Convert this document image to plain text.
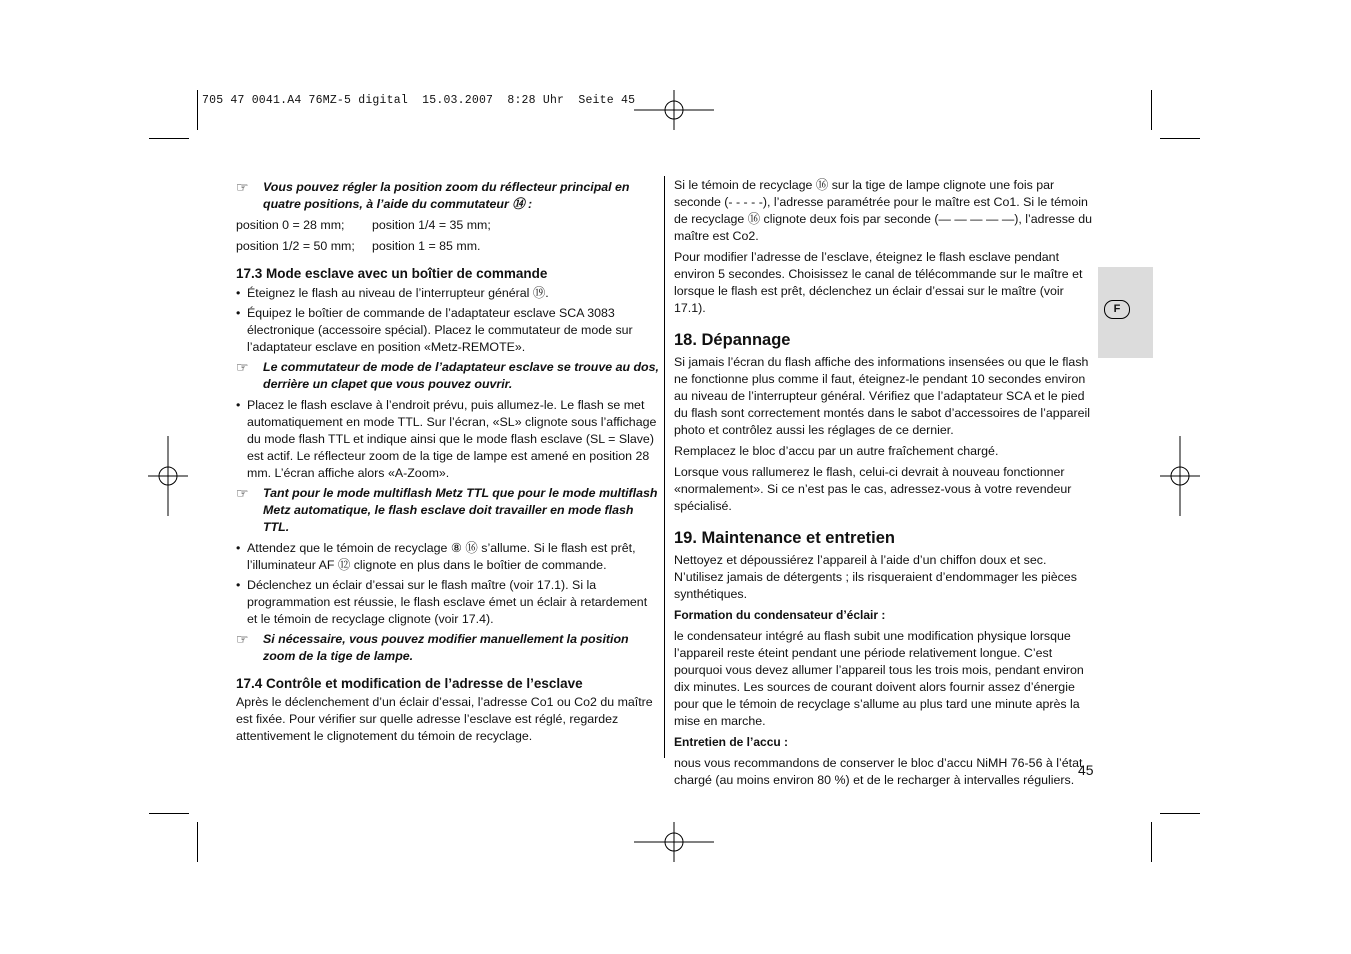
705 47 0041.A4 76MZ-5 digital  15.03.2007  8:28 Uhr  Seite 45
F
☞	Vous pouvez régler la position zoom du réflecteur principal en quatre positions, à l’aide du commutateur ⑭ :
position 0 = 28 mm;	position 1/4 = 35 mm;
position 1/2 = 50 mm;	position 1 = 85 mm.

17.3 Mode esclave avec un boîtier de commande

• Éteignez le flash au niveau de l’interrupteur général ⑲.
• Équipez le boîtier de commande de l’adaptateur esclave SCA 3083 électronique (accessoire spécial). Placez le commutateur de mode sur l’adaptateur esclave en position «Metz-REMOTE».
☞	Le commutateur de mode de l’adaptateur esclave se trouve au dos, derrière un clapet que vous pouvez ouvrir.
• Placez le flash esclave à l’endroit prévu, puis allumez-le. Le flash se met automatiquement en mode TTL. Sur l’écran, «SL» clignote sous l’affichage du mode flash TTL et indique ainsi que le mode flash esclave (SL = Slave) est actif. Le réflecteur zoom de la tige de lampe est amené en position 28 mm. L’écran affiche alors «A-Zoom».
☞	Tant pour le mode multiflash Metz TTL que pour le mode multiflash Metz automatique, le flash esclave doit travailler en mode flash TTL.
• Attendez que le témoin de recyclage ⑧ ⑯ s’allume. Si le flash est prêt, l’illuminateur AF ⑫ clignote en plus dans le boîtier de commande.
• Déclenchez un éclair d’essai sur le flash maître (voir 17.1). Si la programmation est réussie, le flash esclave émet un éclair à retardement et le témoin de recyclage clignote (voir 17.4).
☞	Si nécessaire, vous pouvez modifier manuellement la position zoom de la tige de lampe.

17.4 Contrôle et modification de l’adresse de l’esclave

Après le déclenchement d’un éclair d’essai, l’adresse Co1 ou Co2 du maître est fixée. Pour vérifier sur quelle adresse l’esclave est réglé, regardez attentivement le clignotement du témoin de recyclage.

Si le témoin de recyclage ⑯ sur la tige de lampe clignote une fois par seconde (- - - - -), l’adresse paramétrée pour le maître est Co1. Si le témoin de recyclage ⑯ clignote deux fois par seconde (— — — — —), l’adresse du maître est Co2.

Pour modifier l’adresse de l’esclave, éteignez le flash esclave pendant environ 5 secondes. Choisissez le canal de télécommande sur le maître et lorsque le flash est prêt, déclenchez un éclair d’essai sur le maître (voir 17.1).

18. Dépannage

Si jamais l’écran du flash affiche des informations insensées ou que le flash ne fonctionne plus comme il faut, éteignez-le pendant 10 secondes environ au niveau de l’interrupteur général. Vérifiez que l’adaptateur SCA et le pied du flash sont correctement montés dans le sabot d’accessoires de l’appareil photo et contrôlez aussi les réglages de ce dernier.

Remplacez le bloc d’accu par un autre fraîchement chargé.

Lorsque vous rallumerez le flash, celui-ci devrait à nouveau fonctionner «normalement». Si ce n’est pas le cas, adressez-vous à votre revendeur spécialisé.

19. Maintenance et entretien

Nettoyez et dépoussiérez l’appareil à l’aide d’un chiffon doux et sec. N’utilisez jamais de détergents ; ils risqueraient d’endommager les pièces synthétiques.

Formation du condensateur d’éclair :

le condensateur intégré au flash subit une modification physique lorsque l’appareil reste éteint pendant une période relativement longue. C’est pourquoi vous devez allumer l’appareil tous les trois mois, pendant environ dix minutes. Les sources de courant doivent alors fournir assez d’énergie pour que le témoin de recyclage s’allume au plus tard une minute après la mise en marche.

Entretien de l’accu :

nous vous recommandons de conserver le bloc d’accu NiMH 76-56 à l’état chargé (au moins environ 80 %) et de le recharger à intervalles réguliers.

45
